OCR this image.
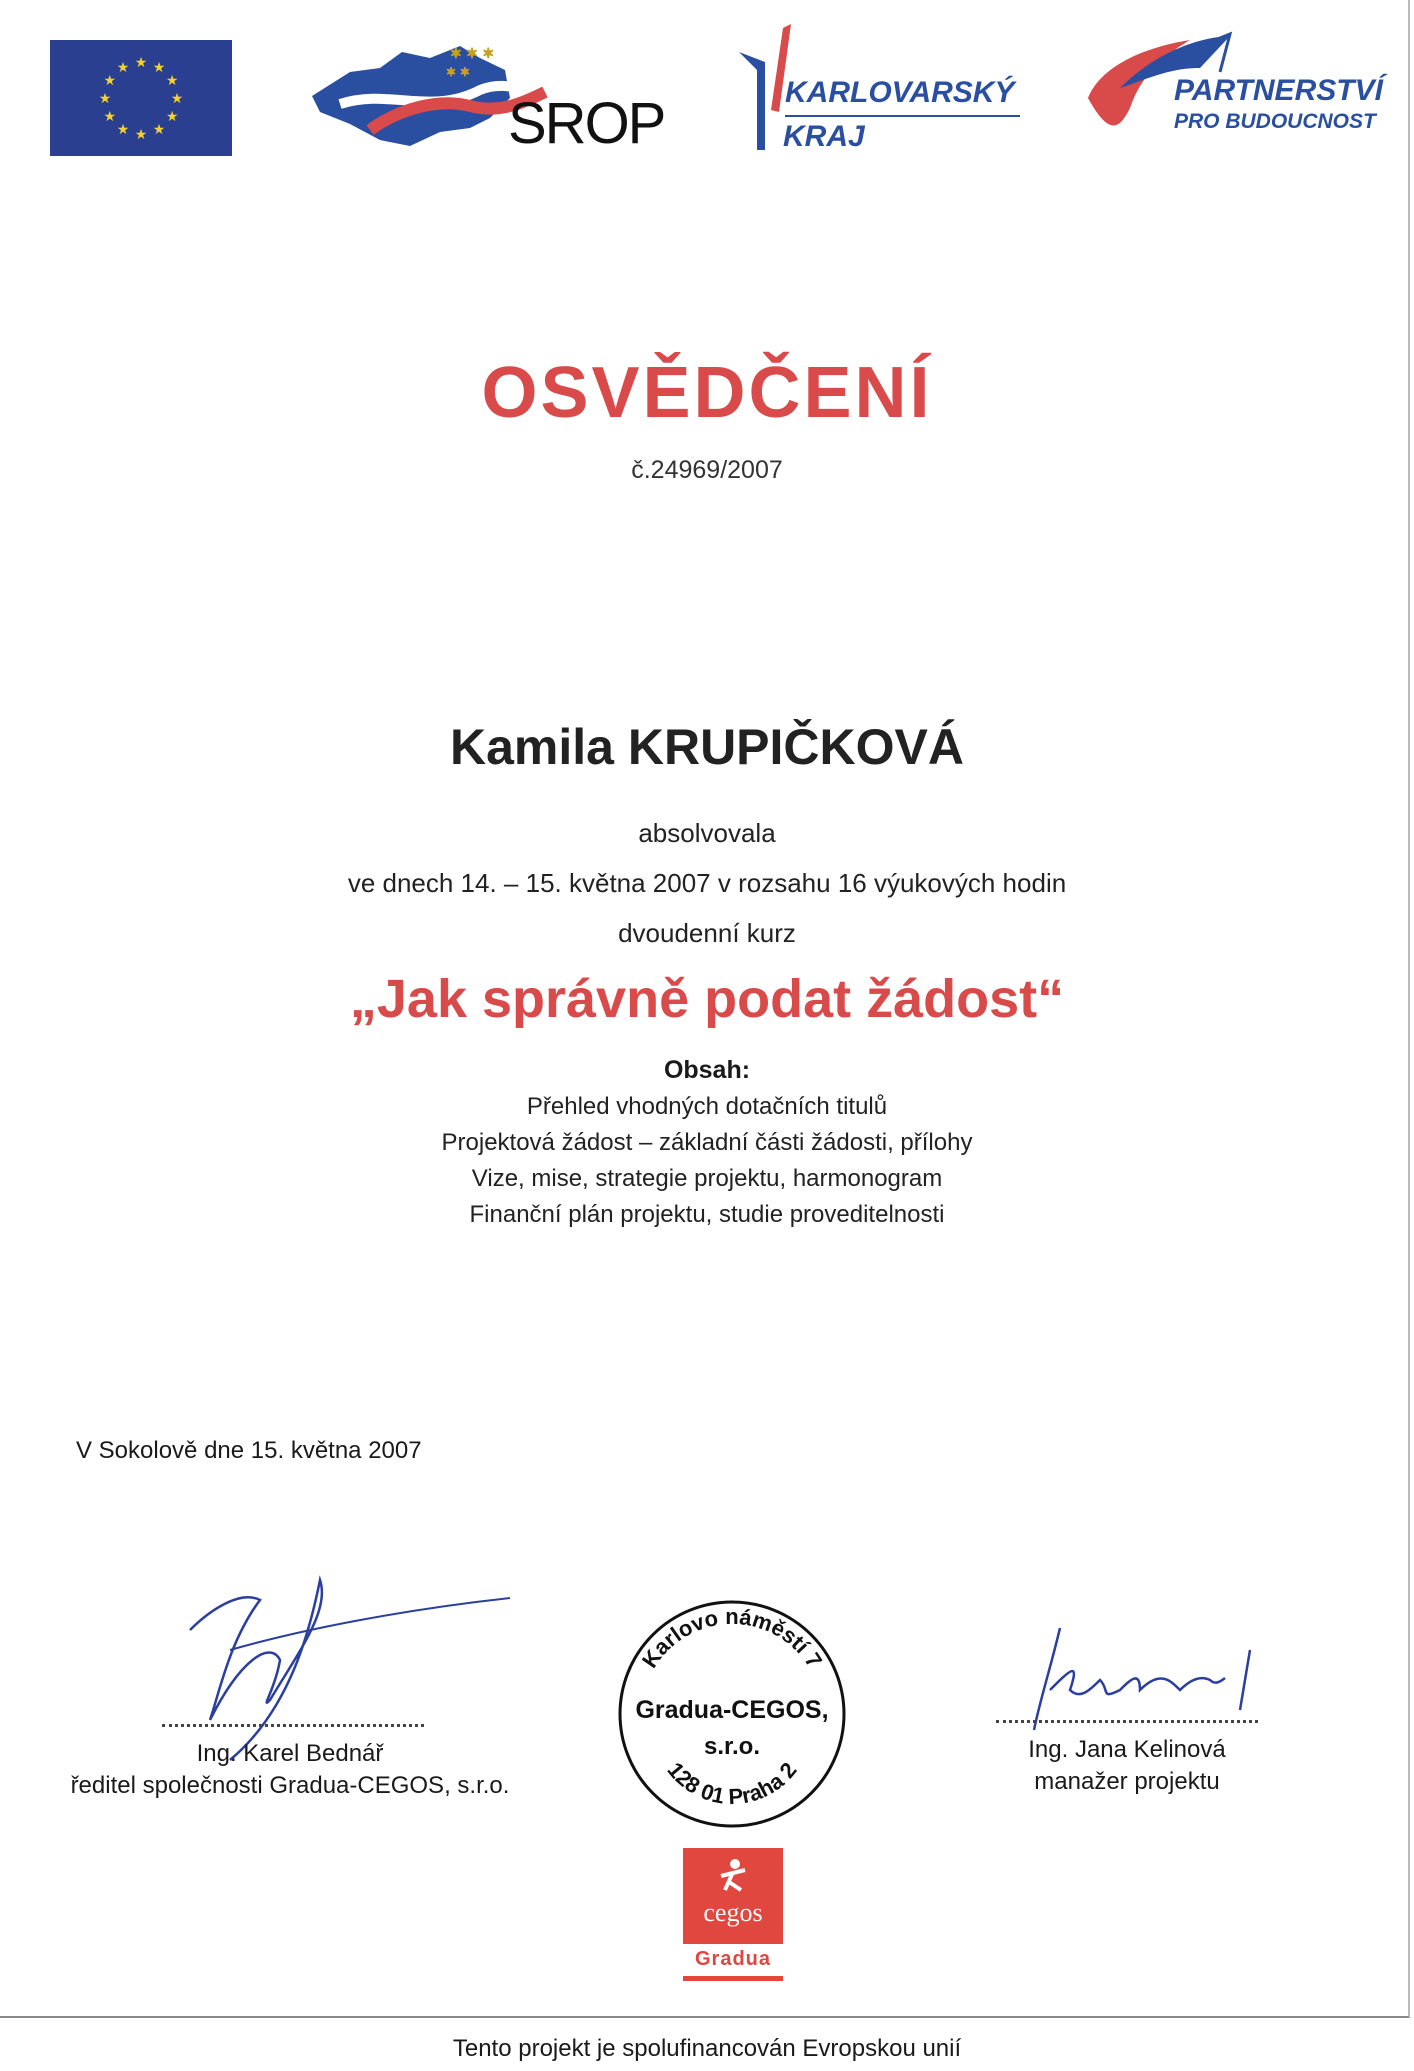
★ ★
★
★
★
★
★
★
★
★
★
★
✶ ✶ ✶
✶ ✶
SROP	KARLOVARSKÝ
KRAJ
PARTNERSTVÍ
PRO BUDOUCNOST
OSVĚDČENÍ
č.24969/2007
Kamila KRUPIČKOVÁ
absolvovala
ve dnech 14. – 15. května 2007 v rozsahu 16 výukových hodin
dvoudenní kurz
„Jak správně podat žádost“
Obsah:
Přehled vhodných dotačních titulů
Projektová žádost – základní části žádosti, přílohy
Vize, mise, strategie projektu, harmonogram
Finanční plán projektu, studie proveditelnosti
V Sokolově dne 15. května 2007
Ing. Karel Bednář
ředitel společnosti Gradua-CEGOS, s.r.o.
Karlovo náměstí 7
128 01 Praha 2
Gradua-CEGOS,
s.r.o.	Ing. Jana Kelinová
manažer projektu
cegos
Gradua
Tento projekt je spolufinancován Evropskou unií
